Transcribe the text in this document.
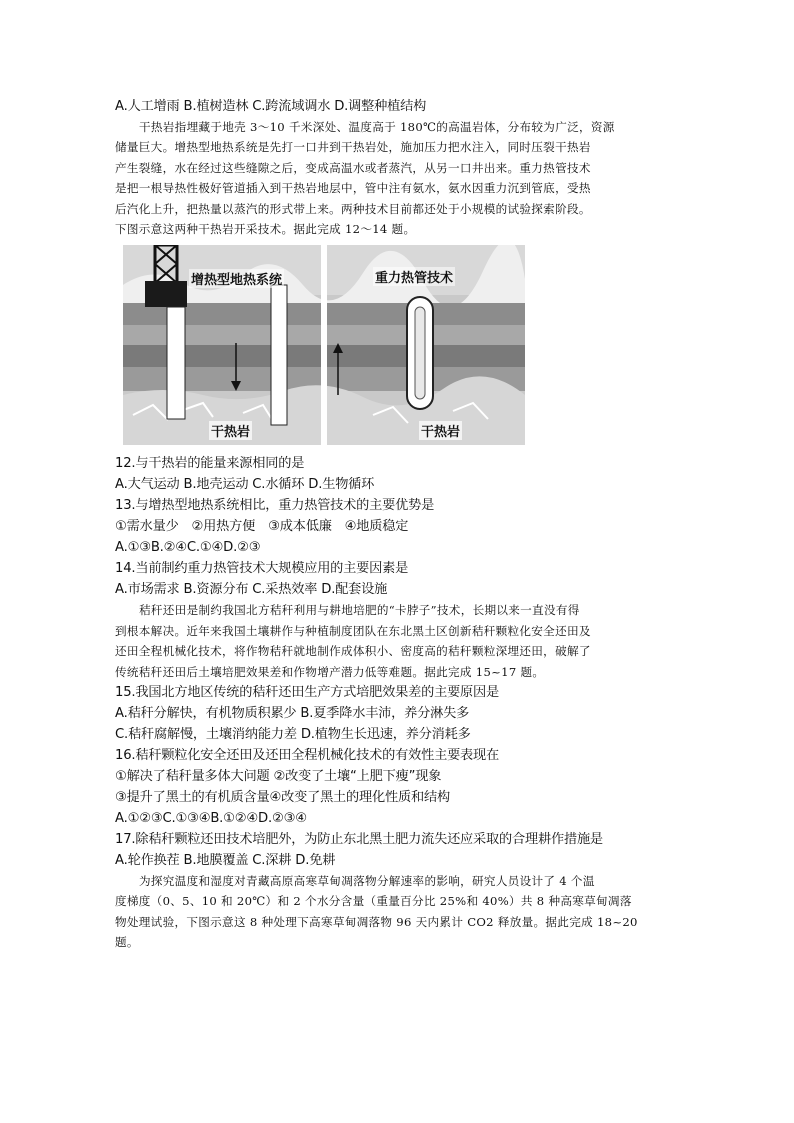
A.人工增雨 B.植树造林 C.跨流域调水 D.调整种植结构
干热岩指埋藏于地壳 3～10 千米深处、温度高于 180℃的高温岩体，分布较为广泛，资源
储量巨大。增热型地热系统是先打一口井到干热岩处，施加压力把水注入，同时压裂干热岩
产生裂缝，水在经过这些缝隙之后，变成高温水或者蒸汽，从另一口井出来。重力热管技术
是把一根导热性极好管道插入到干热岩地层中，管中注有氨水，氨水因重力沉到管底，受热
后汽化上升，把热量以蒸汽的形式带上来。两种技术目前都还处于小规模的试验探索阶段。
下图示意这两种干热岩开采技术。据此完成 12～14 题。
增热型地热系统	重力热管技术
干热岩	干热岩
12.与干热岩的能量来源相同的是
A.大气运动 B.地壳运动 C.水循环 D.生物循环
13.与增热型地热系统相比，重力热管技术的主要优势是
①需水量少　②用热方便　③成本低廉　④地质稳定
A.①③B.②④C.①④D.②③
14.当前制约重力热管技术大规模应用的主要因素是
A.市场需求 B.资源分布 C.采热效率 D.配套设施
秸秆还田是制约我国北方秸秆利用与耕地培肥的“卡脖子”技术，长期以来一直没有得
到根本解决。近年来我国土壤耕作与种植制度团队在东北黑土区创新秸秆颗粒化安全还田及
还田全程机械化技术，将作物秸秆就地制作成体积小、密度高的秸秆颗粒深埋还田，破解了
传统秸秆还田后土壤培肥效果差和作物增产潜力低等难题。据此完成 15~17 题。
15.我国北方地区传统的秸秆还田生产方式培肥效果差的主要原因是
A.秸秆分解快，有机物质积累少 B.夏季降水丰沛，养分淋失多
C.秸秆腐解慢，土壤消纳能力差 D.植物生长迅速，养分消耗多
16.秸秆颗粒化安全还田及还田全程机械化技术的有效性主要表现在
①解决了秸秆量多体大问题 ②改变了土壤“上肥下瘦”现象
③提升了黑土的有机质含量④改变了黑土的理化性质和结构
A.①②③C.①③④B.①②④D.②③④
17.除秸秆颗粒还田技术培肥外，为防止东北黑土肥力流失还应采取的合理耕作措施是
A.轮作换茬 B.地膜覆盖 C.深耕 D.免耕
为探究温度和湿度对青藏高原高寒草甸凋落物分解速率的影响，研究人员设计了 4 个温
度梯度（0、5、10 和 20℃）和 2 个水分含量（重量百分比 25%和 40%）共 8 种高寒草甸凋落
物处理试验，下图示意这 8 种处理下高寒草甸凋落物 96 天内累计 CO2 释放量。据此完成 18~20
题。
